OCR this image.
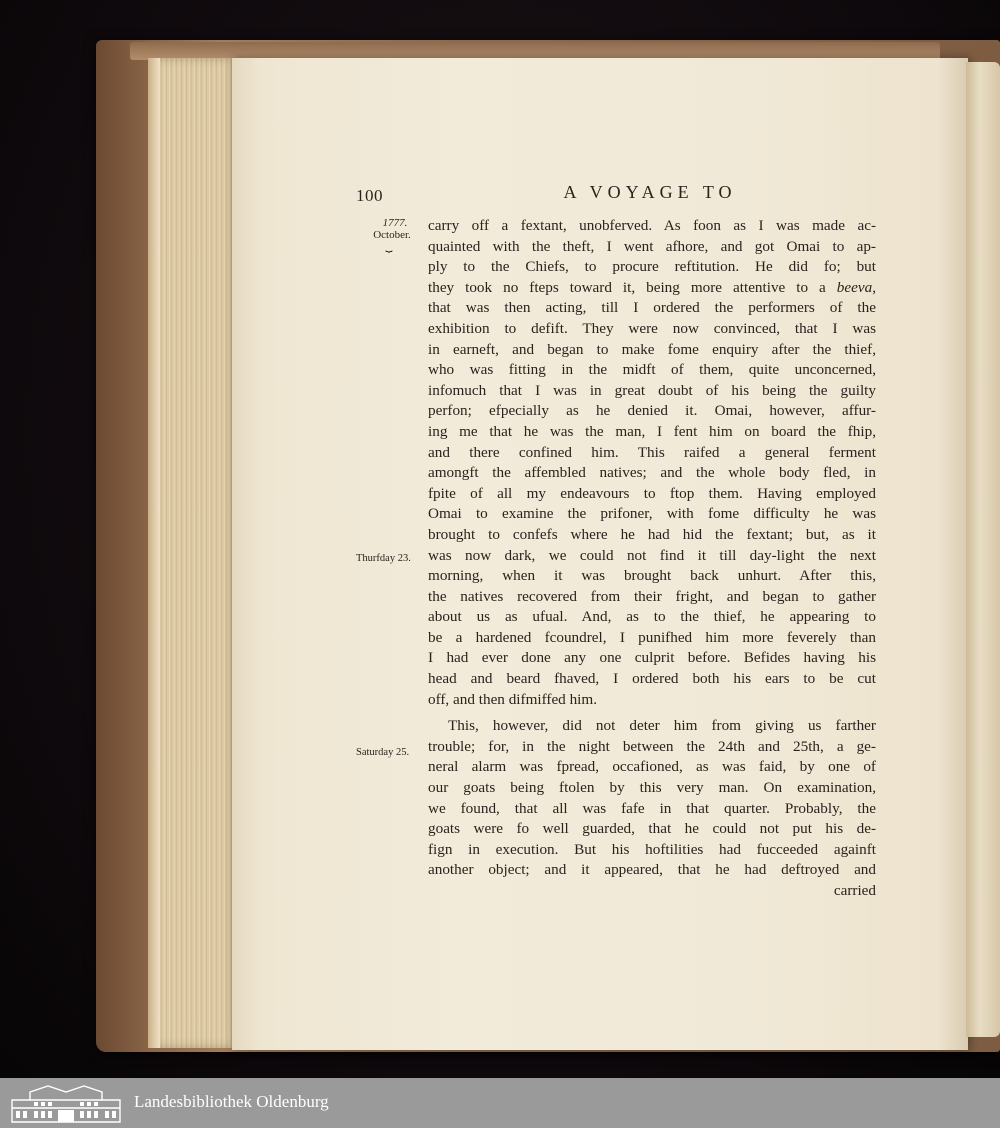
100	A VOYAGE TO
1777.
October.
⏟
Thurfday 23.
Saturday 25.
carry off a fextant, unobferved. As foon as I was made ac-
quainted with the theft, I went afhore, and got Omai to ap-
ply to the Chiefs, to procure reftitution. He did fo; but
they took no fteps toward it, being more attentive to a beeva,
that was then acting, till I ordered the performers of the
exhibition to defift. They were now convinced, that I was
in earneft, and began to make fome enquiry after the thief,
who was fitting in the midft of them, quite unconcerned,
infomuch that I was in great doubt of his being the guilty
perfon; efpecially as he denied it. Omai, however, affur-
ing me that he was the man, I fent him on board the fhip,
and there confined him. This raifed a general ferment
amongft the affembled natives; and the whole body fled, in
fpite of all my endeavours to ftop them. Having employed
Omai to examine the prifoner, with fome difficulty he was
brought to confefs where he had hid the fextant; but, as it
was now dark, we could not find it till day-light the next
morning, when it was brought back unhurt. After this,
the natives recovered from their fright, and began to gather
about us as ufual. And, as to the thief, he appearing to
be a hardened fcoundrel, I punifhed him more feverely than
I had ever done any one culprit before. Befides having his
head and beard fhaved, I ordered both his ears to be cut
off, and then difmiffed him.
This, however, did not deter him from giving us farther
trouble; for, in the night between the 24th and 25th, a ge-
neral alarm was fpread, occafioned, as was faid, by one of
our goats being ftolen by this very man. On examination,
we found, that all was fafe in that quarter. Probably, the
goats were fo well guarded, that he could not put his de-
fign in execution. But his hoftilities had fucceeded againft
another object; and it appeared, that he had deftroyed and
carried
Landesbibliothek Oldenburg
